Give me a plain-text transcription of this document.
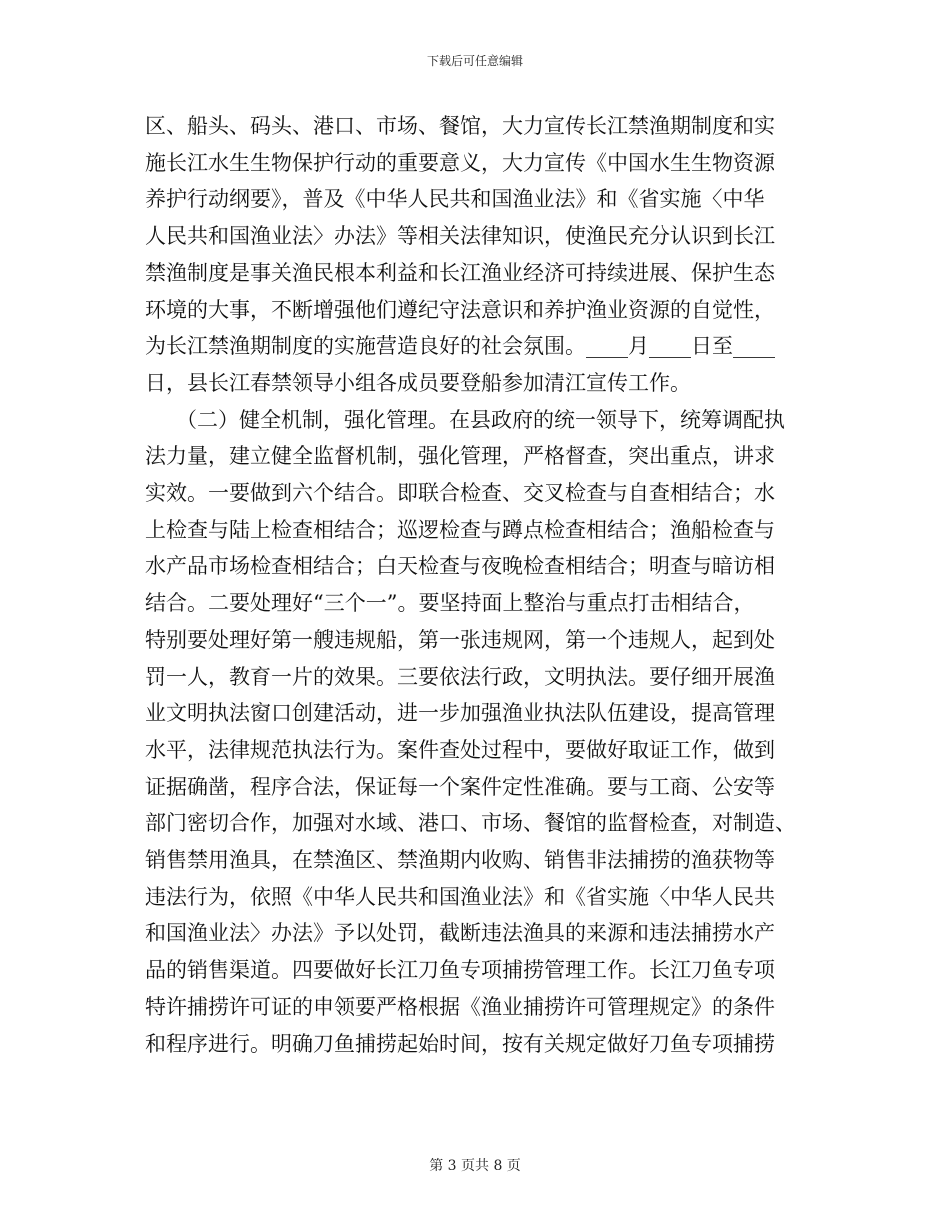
下载后可任意编辑
区、船头、码头、港口、市场、餐馆，大力宣传长江禁渔期制度和实
施长江水生生物保护行动的重要意义，大力宣传《中国水生生物资源
养护行动纲要》，普及《中华人民共和国渔业法》和《省实施〈中华
人民共和国渔业法〉办法》等相关法律知识，使渔民充分认识到长江
禁渔制度是事关渔民根本利益和长江渔业经济可持续进展、保护生态
环境的大事，不断增强他们遵纪守法意识和养护渔业资源的自觉性，
为长江禁渔期制度的实施营造良好的社会氛围。____月____日至____
日，县长江春禁领导小组各成员要登船参加清江宣传工作。
（二）健全机制，强化管理。在县政府的统一领导下，统筹调配执
法力量，建立健全监督机制，强化管理，严格督查，突出重点，讲求
实效。一要做到六个结合。即联合检查、交叉检查与自查相结合；水
上检查与陆上检查相结合；巡逻检查与蹲点检查相结合；渔船检查与
水产品市场检查相结合；白天检查与夜晚检查相结合；明查与暗访相
结合。二要处理好“三个一”。要坚持面上整治与重点打击相结合，
特别要处理好第一艘违规船，第一张违规网，第一个违规人，起到处
罚一人，教育一片的效果。三要依法行政，文明执法。要仔细开展渔
业文明执法窗口创建活动，进一步加强渔业执法队伍建设，提高管理
水平，法律规范执法行为。案件查处过程中，要做好取证工作，做到
证据确凿，程序合法，保证每一个案件定性准确。要与工商、公安等
部门密切合作，加强对水域、港口、市场、餐馆的监督检查，对制造、
销售禁用渔具，在禁渔区、禁渔期内收购、销售非法捕捞的渔获物等
违法行为，依照《中华人民共和国渔业法》和《省实施〈中华人民共
和国渔业法〉办法》予以处罚，截断违法渔具的来源和违法捕捞水产
品的销售渠道。四要做好长江刀鱼专项捕捞管理工作。长江刀鱼专项
特许捕捞许可证的申领要严格根据《渔业捕捞许可管理规定》的条件
和程序进行。明确刀鱼捕捞起始时间，按有关规定做好刀鱼专项捕捞
第 3 页共 8 页
